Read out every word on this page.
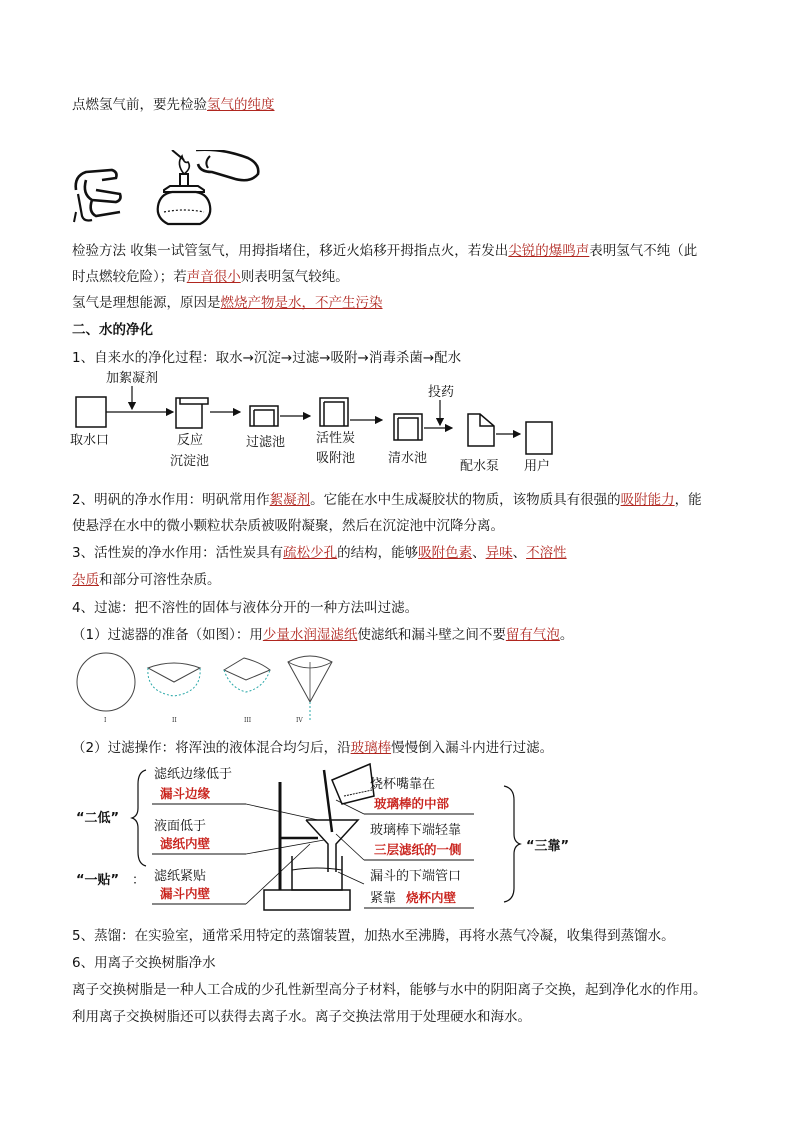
点燃氢气前，要先检验氢气的纯度
检验方法 收集一试管氢气，用拇指堵住，移近火焰移开拇指点火，若发出尖锐的爆鸣声表明氢气不纯（此
时点燃较危险）；若声音很小则表明氢气较纯。
氢气是理想能源，原因是燃烧产物是水，不产生污染
二、水的净化
1、自来水的净化过程：取水→沉淀→过滤→吸附→消毒杀菌→配水
取水口
加絮凝剂
反应
沉淀池
过滤池 活性炭
吸附池	清水池
投药
配水泵 用户
2、明矾的净水作用：明矾常用作絮凝剂。它能在水中生成凝胶状的物质，该物质具有很强的吸附能力，能
使悬浮在水中的微小颗粒状杂质被吸附凝聚，然后在沉淀池中沉降分离。
3、活性炭的净水作用：活性炭具有疏松少孔的结构，能够吸附色素、异味、不溶性
杂质和部分可溶性杂质。
4、过滤：把不溶性的固体与液体分开的一种方法叫过滤。
（1）过滤器的准备（如图）：用少量水润湿滤纸使滤纸和漏斗壁之间不要留有气泡。
I	II	III	IV
（2）过滤操作：将浑浊的液体混合均匀后，沿玻璃棒慢慢倒入漏斗内进行过滤。
“二低”
“一贴” ：
滤纸边缘低于
漏斗边缘
液面低于
滤纸内壁
滤纸紧贴
漏斗内壁
烧杯嘴靠在
玻璃棒的中部
玻璃棒下端轻靠
三层滤纸的一侧
漏斗的下端管口
紧靠 烧杯内壁
“三靠”
5、蒸馏：在实验室，通常采用特定的蒸馏装置，加热水至沸腾，再将水蒸气冷凝，收集得到蒸馏水。
6、用离子交换树脂净水
离子交换树脂是一种人工合成的少孔性新型高分子材料，能够与水中的阴阳离子交换，起到净化水的作用。
利用离子交换树脂还可以获得去离子水。离子交换法常用于处理硬水和海水。
